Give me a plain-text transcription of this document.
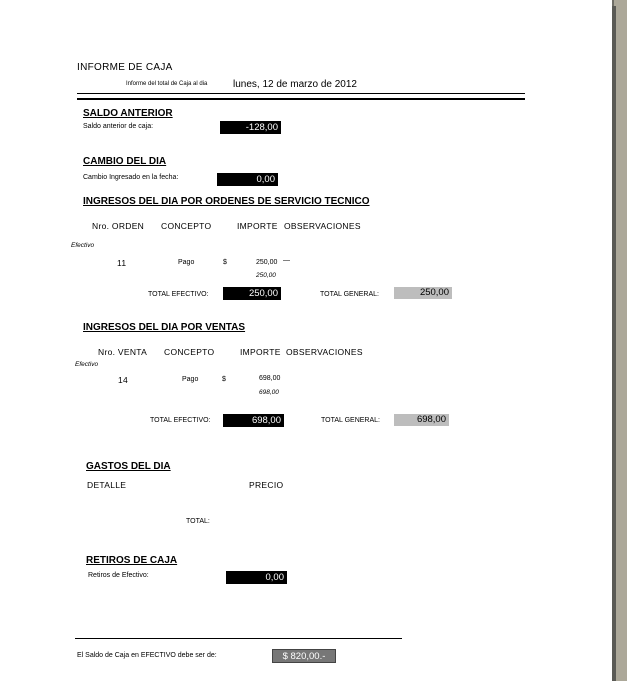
INFORME DE CAJA
Informe del total de Caja al dia	lunes, 12 de marzo de 2012
SALDO ANTERIOR
Saldo anterior de caja:	-128,00
CAMBIO DEL DIA
Cambio Ingresado en la fecha:	0,00
INGRESOS DEL DIA POR ORDENES DE SERVICIO TECNICO
Nro. ORDEN CONCEPTO	IMPORTE OBSERVACIONES
Efectivo
11	Pago	$	250,00 —
250,00
TOTAL EFECTIVO:	250,00	TOTAL GENERAL:	250,00
INGRESOS DEL DIA POR VENTAS
Nro. VENTA CONCEPTO	IMPORTE OBSERVACIONES
Efectivo
14	Pago	$	698,00
698,00
TOTAL EFECTIVO:	698,00	TOTAL GENERAL:	698,00
GASTOS DEL DIA
DETALLE	PRECIO
TOTAL:
RETIROS DE CAJA
Retiros de Efectivo:	0,00
El Saldo de Caja en EFECTIVO debe ser de:	$ 820,00.-
